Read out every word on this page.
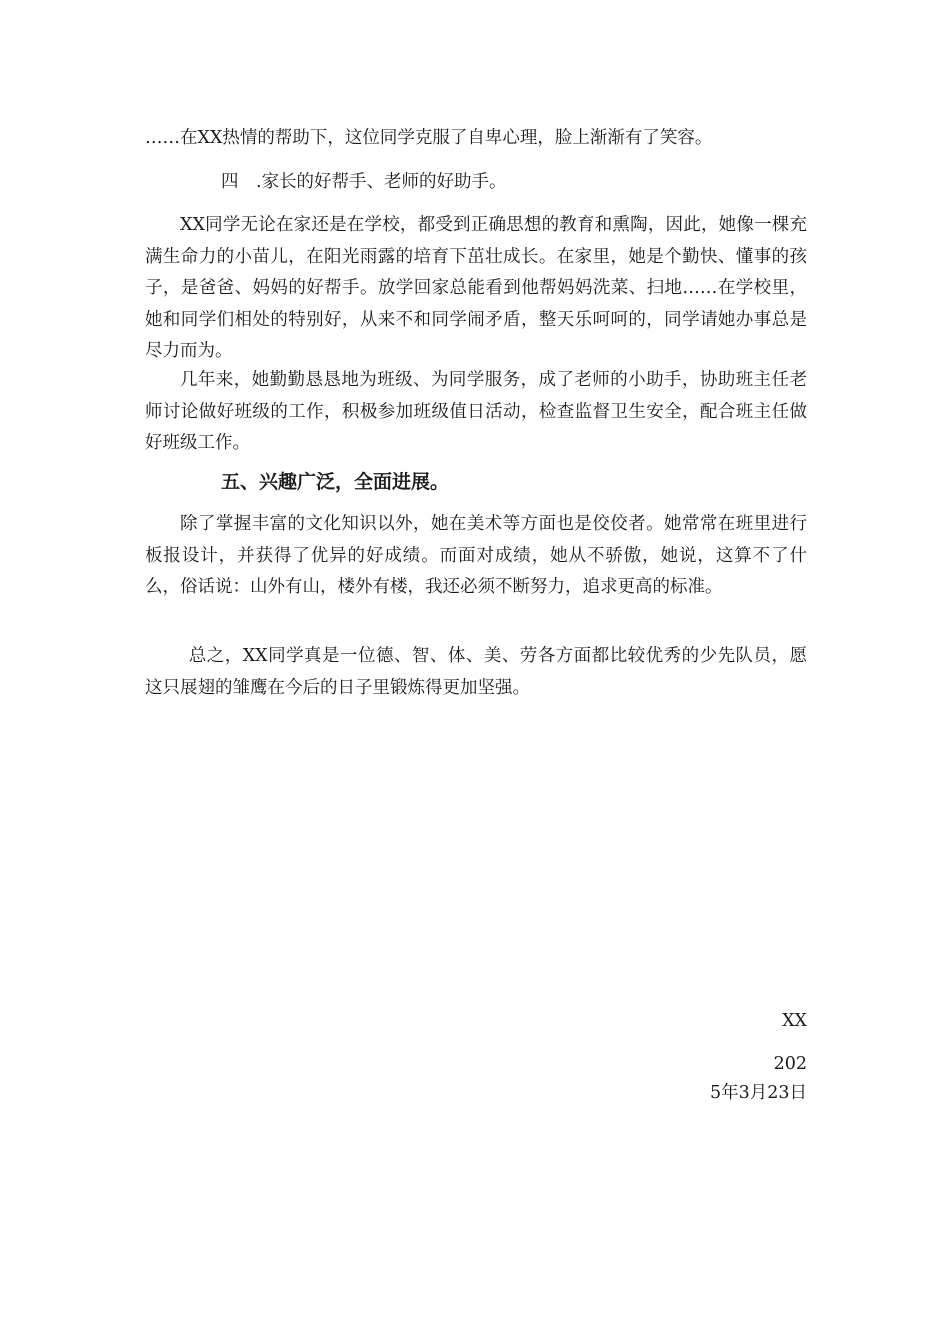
……在XX热情的帮助下，这位同学克服了自卑心理，脸上渐渐有了笑容。
四　.家长的好帮手、老师的好助手。
XX同学无论在家还是在学校，都受到正确思想的教育和熏陶，因此，她像一棵充满生命力的小苗儿，在阳光雨露的培育下茁壮成长。在家里，她是个勤快、懂事的孩子，是爸爸、妈妈的好帮手。放学回家总能看到他帮妈妈洗菜、扫地……在学校里，她和同学们相处的特别好，从来不和同学闹矛盾，整天乐呵呵的，同学请她办事总是尽力而为。
几年来，她勤勤恳恳地为班级、为同学服务，成了老师的小助手，协助班主任老师讨论做好班级的工作，积极参加班级值日活动，检查监督卫生安全，配合班主任做好班级工作。
五、兴趣广泛，全面进展。
除了掌握丰富的文化知识以外，她在美术等方面也是佼佼者。她常常在班里进行板报设计，并获得了优异的好成绩。而面对成绩，她从不骄傲，她说，这算不了什么，俗话说：山外有山，楼外有楼，我还必须不断努力，追求更高的标准。
总之，XX同学真是一位德、智、体、美、劳各方面都比较优秀的少先队员，愿这只展翅的雏鹰在今后的日子里锻炼得更加坚强。
XX
202
5年3月23日
